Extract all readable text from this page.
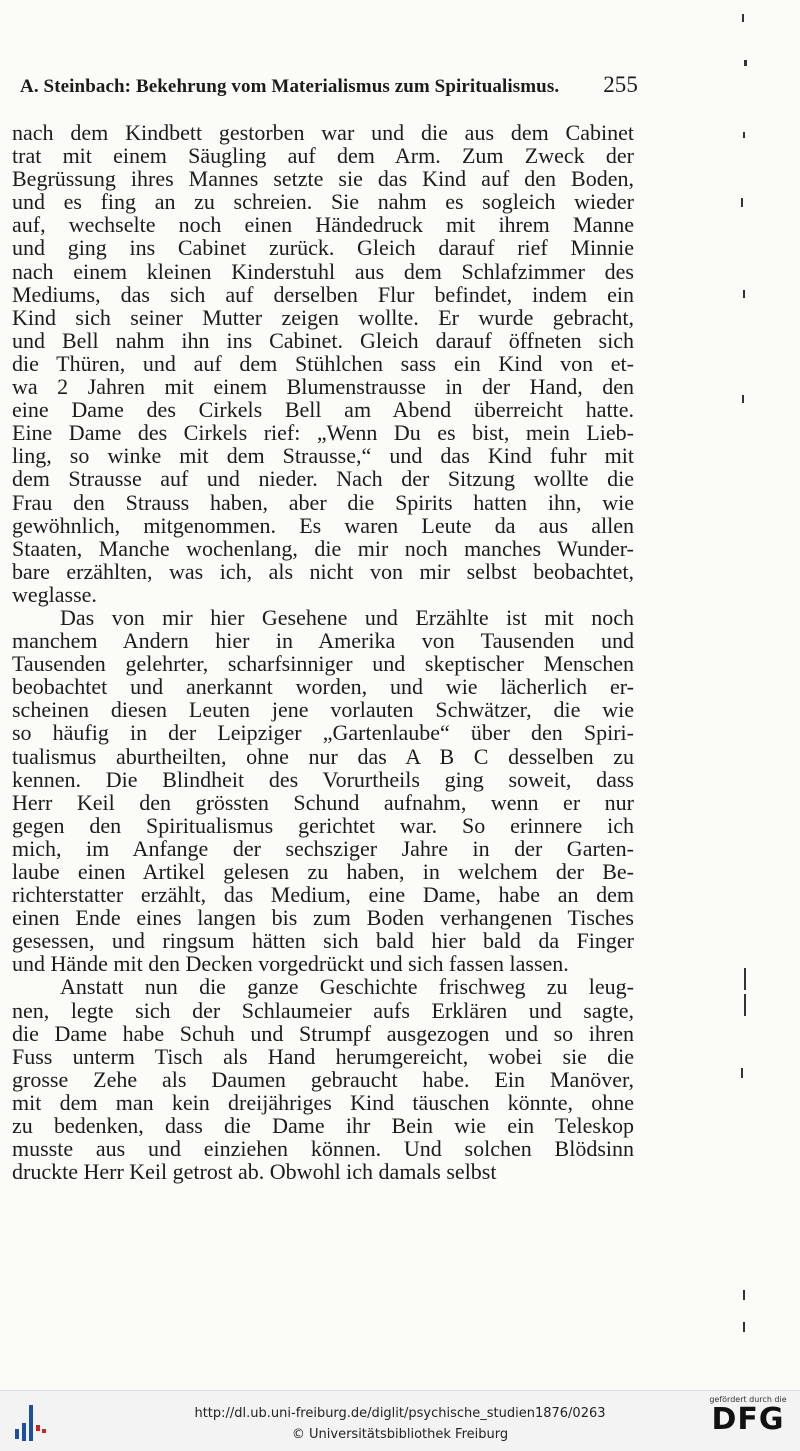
A. Steinbach: Bekehrung vom Materialismus zum Spiritualismus. 255
nach dem Kindbett gestorben war und die aus dem Cabinet
trat mit einem Säugling auf dem Arm. Zum Zweck der
Begrüssung ihres Mannes setzte sie das Kind auf den Boden,
und es fing an zu schreien. Sie nahm es sogleich wieder
auf, wechselte noch einen Händedruck mit ihrem Manne
und ging ins Cabinet zurück. Gleich darauf rief Minnie
nach einem kleinen Kinderstuhl aus dem Schlafzimmer des
Mediums, das sich auf derselben Flur befindet, indem ein
Kind sich seiner Mutter zeigen wollte. Er wurde gebracht,
und Bell nahm ihn ins Cabinet. Gleich darauf öffneten sich
die Thüren, und auf dem Stühlchen sass ein Kind von et-
wa 2 Jahren mit einem Blumenstrausse in der Hand, den
eine Dame des Cirkels Bell am Abend überreicht hatte.
Eine Dame des Cirkels rief: „Wenn Du es bist, mein Lieb-
ling, so winke mit dem Strausse,“ und das Kind fuhr mit
dem Strausse auf und nieder. Nach der Sitzung wollte die
Frau den Strauss haben, aber die Spirits hatten ihn, wie
gewöhnlich, mitgenommen. Es waren Leute da aus allen
Staaten, Manche wochenlang, die mir noch manches Wunder-
bare erzählten, was ich, als nicht von mir selbst beobachtet,
weglasse.
Das von mir hier Gesehene und Erzählte ist mit noch
manchem Andern hier in Amerika von Tausenden und
Tausenden gelehrter, scharfsinniger und skeptischer Menschen
beobachtet und anerkannt worden, und wie lächerlich er-
scheinen diesen Leuten jene vorlauten Schwätzer, die wie
so häufig in der Leipziger „Gartenlaube“ über den Spiri-
tualismus aburtheilten, ohne nur das A B C desselben zu
kennen. Die Blindheit des Vorurtheils ging soweit, dass
Herr Keil den grössten Schund aufnahm, wenn er nur
gegen den Spiritualismus gerichtet war. So erinnere ich
mich, im Anfange der sechsziger Jahre in der Garten-
laube einen Artikel gelesen zu haben, in welchem der Be-
richterstatter erzählt, das Medium, eine Dame, habe an dem
einen Ende eines langen bis zum Boden verhangenen Tisches
gesessen, und ringsum hätten sich bald hier bald da Finger
und Hände mit den Decken vorgedrückt und sich fassen lassen.
Anstatt nun die ganze Geschichte frischweg zu leug-
nen, legte sich der Schlaumeier aufs Erklären und sagte,
die Dame habe Schuh und Strumpf ausgezogen und so ihren
Fuss unterm Tisch als Hand herumgereicht, wobei sie die
grosse Zehe als Daumen gebraucht habe. Ein Manöver,
mit dem man kein dreijähriges Kind täuschen könnte, ohne
zu bedenken, dass die Dame ihr Bein wie ein Teleskop
musste aus und einziehen können. Und solchen Blödsinn
druckte Herr Keil getrost ab. Obwohl ich damals selbst
http://dl.ub.uni-freiburg.de/diglit/psychische_studien1876/0263
© Universitätsbibliothek Freiburg
gefördert durch die
DFG
